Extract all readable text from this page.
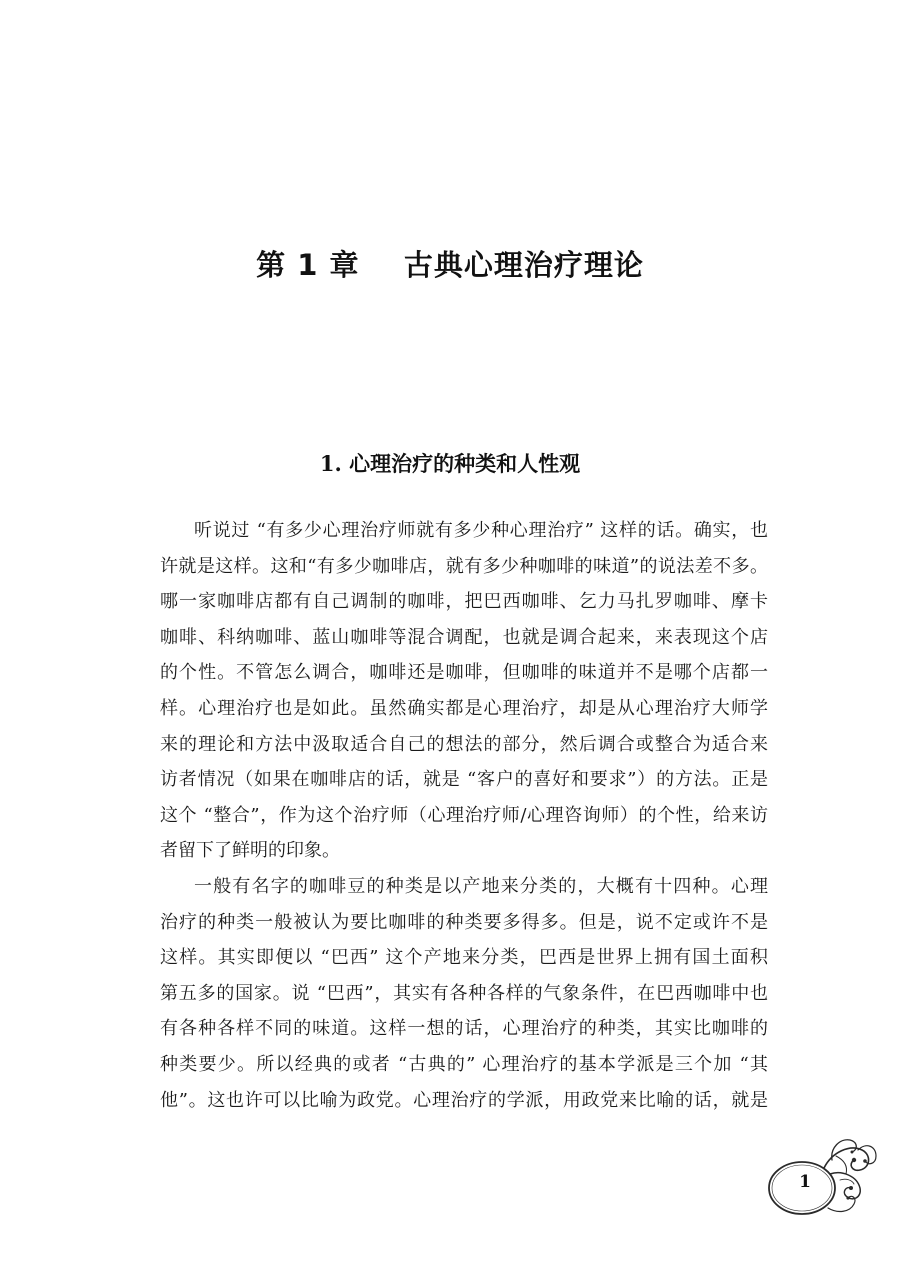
第 1 章    古典心理治疗理论
1. 心理治疗的种类和人性观
听说过 “有多少心理治疗师就有多少种心理治疗” 这样的话。确实，也
许就是这样。这和“有多少咖啡店，就有多少种咖啡的味道”的说法差不多。
哪一家咖啡店都有自己调制的咖啡，把巴西咖啡、乞力马扎罗咖啡、摩卡
咖啡、科纳咖啡、蓝山咖啡等混合调配，也就是调合起来，来表现这个店
的个性。不管怎么调合，咖啡还是咖啡，但咖啡的味道并不是哪个店都一
样。心理治疗也是如此。虽然确实都是心理治疗，却是从心理治疗大师学
来的理论和方法中汲取适合自己的想法的部分，然后调合或整合为适合来
访者情况（如果在咖啡店的话，就是 “客户的喜好和要求”）的方法。正是
这个 “整合”，作为这个治疗师（心理治疗师/心理咨询师）的个性，给来访
者留下了鲜明的印象。
一般有名字的咖啡豆的种类是以产地来分类的，大概有十四种。心理
治疗的种类一般被认为要比咖啡的种类要多得多。但是，说不定或许不是
这样。其实即便以 “巴西” 这个产地来分类，巴西是世界上拥有国土面积
第五多的国家。说 “巴西”，其实有各种各样的气象条件，在巴西咖啡中也
有各种各样不同的味道。这样一想的话，心理治疗的种类，其实比咖啡的
种类要少。所以经典的或者 “古典的” 心理治疗的基本学派是三个加 “其
他”。这也许可以比喻为政党。心理治疗的学派，用政党来比喻的话，就是
1
